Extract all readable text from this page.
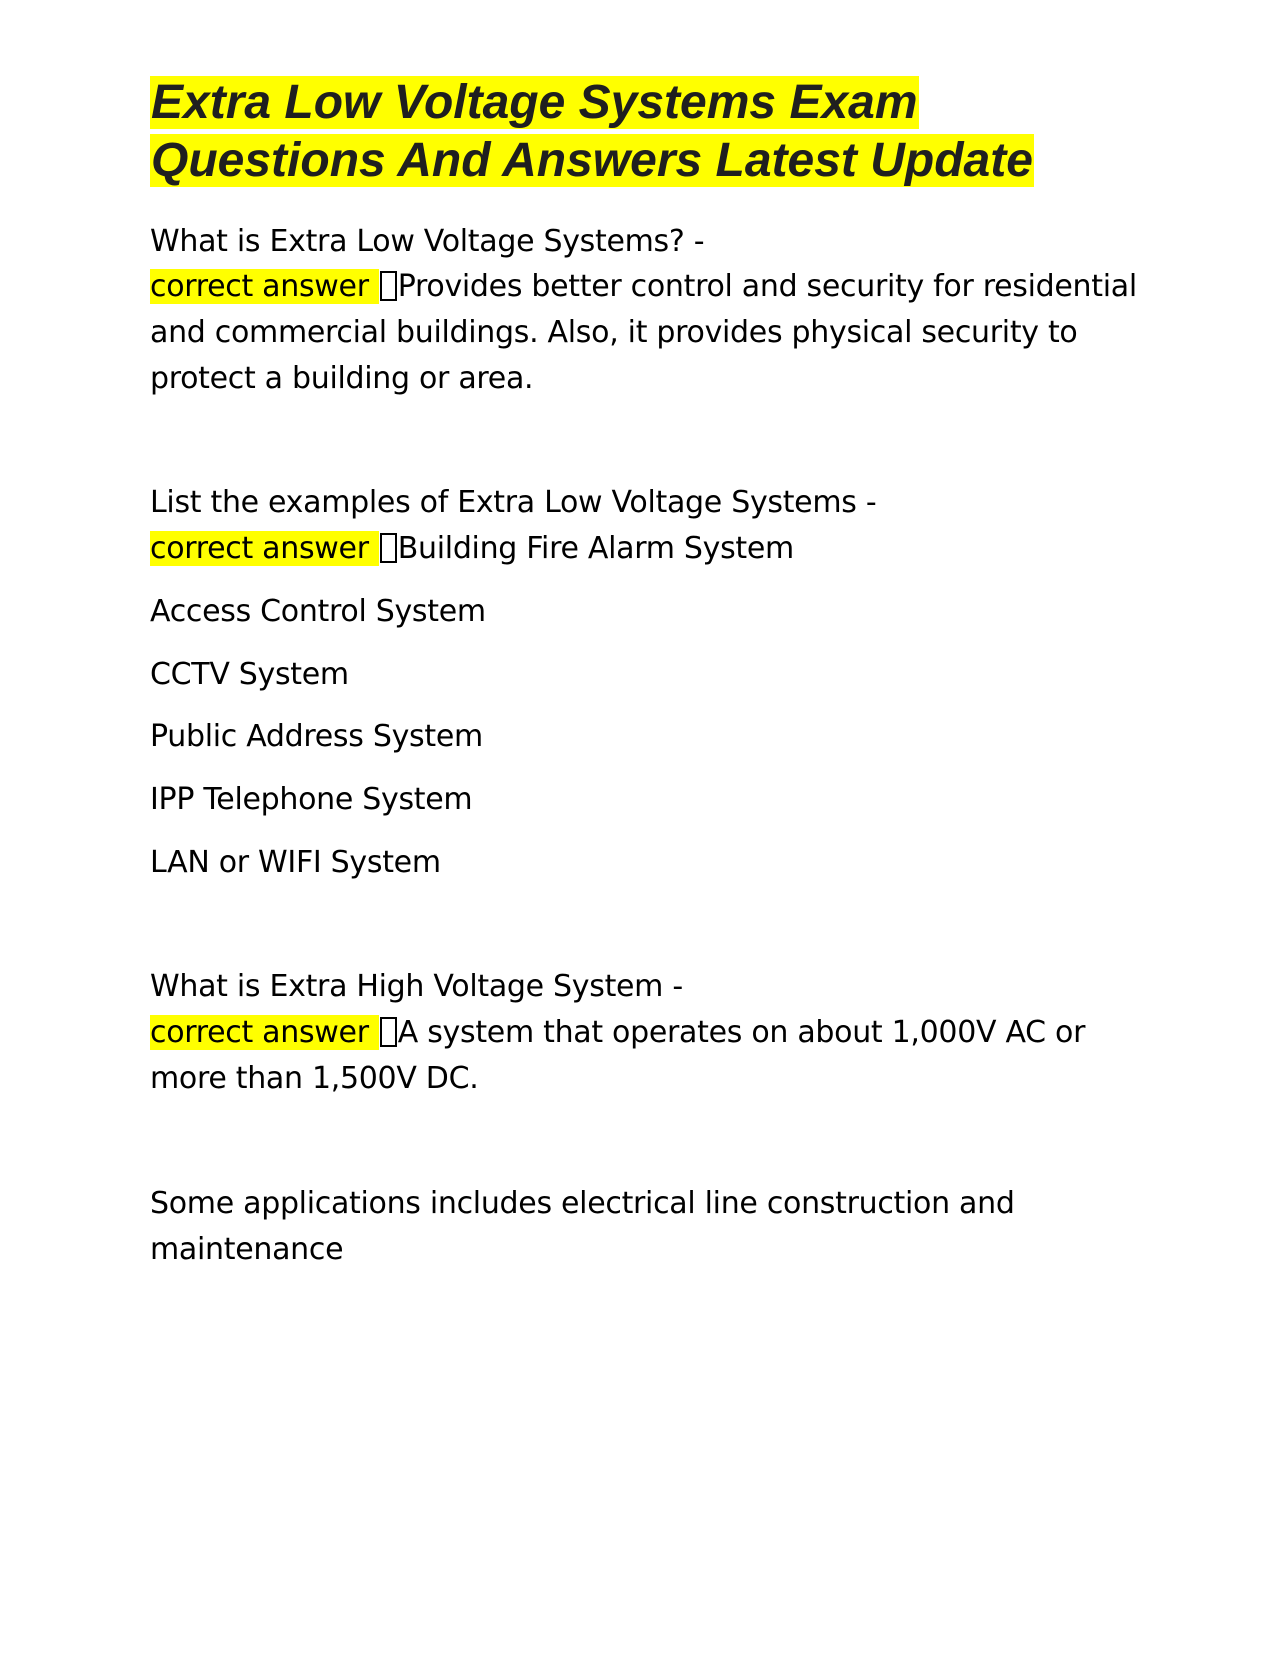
Extra Low Voltage Systems Exam
Questions And Answers Latest Update

What is Extra Low Voltage Systems? -

correct answer Provides better control and security for residential

and commercial buildings. Also, it provides physical security to

protect a building or area.

List the examples of Extra Low Voltage Systems -

correct answer Building Fire Alarm System

Access Control System

CCTV System

Public Address System

IPP Telephone System

LAN or WIFI System

What is Extra High Voltage System -

correct answer A system that operates on about 1,000V AC or

more than 1,500V DC.

Some applications includes electrical line construction and

maintenance
